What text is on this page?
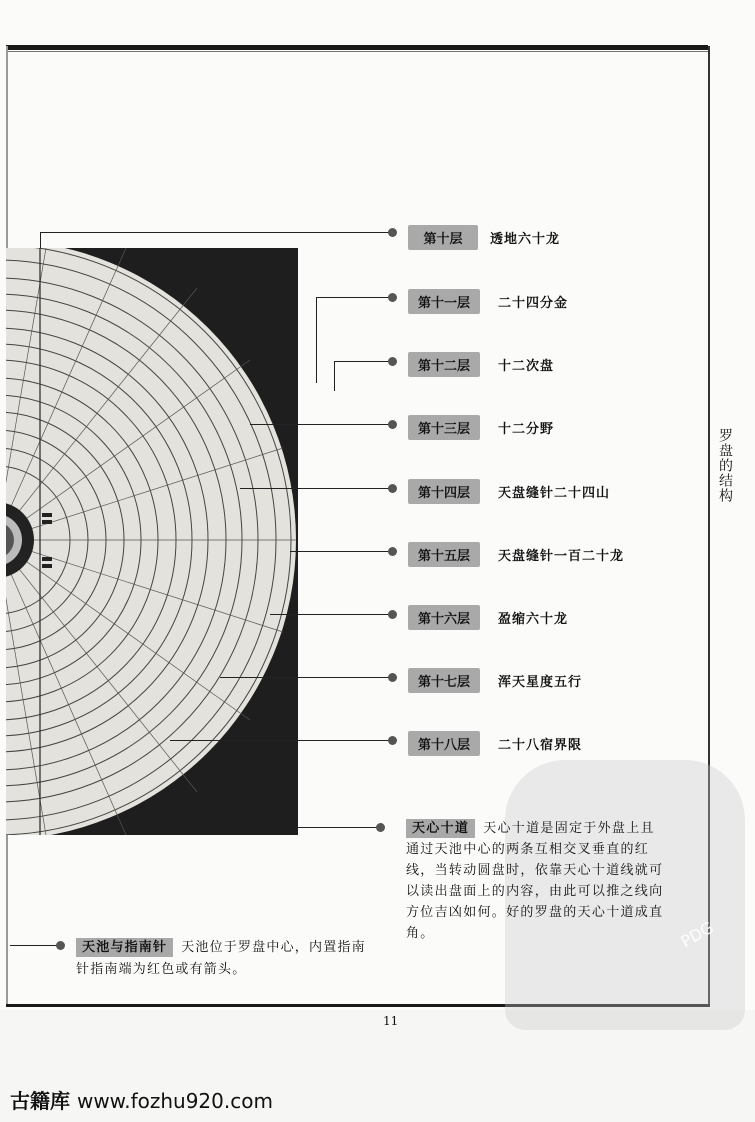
PDG
第十层	透地六十龙
第十一层	二十四分金
第十二层	十二次盘
第十三层	十二分野
第十四层	天盘缝针二十四山
第十五层	天盘缝针一百二十龙
第十六层	盈缩六十龙
第十七层	浑天星度五行
第十八层	二十八宿界限
罗盘的结构
天心十道 天心十道是固定于外盘上且通过天池中心的两条互相交叉垂直的红线，当转动圆盘时，依靠天心十道线就可以读出盘面上的内容，由此可以推之线向方位吉凶如何。好的罗盘的天心十道成直角。
天池与指南针 天池位于罗盘中心，内置指南针指南端为红色或有箭头。
11
古籍库 www.fozhu920.com
